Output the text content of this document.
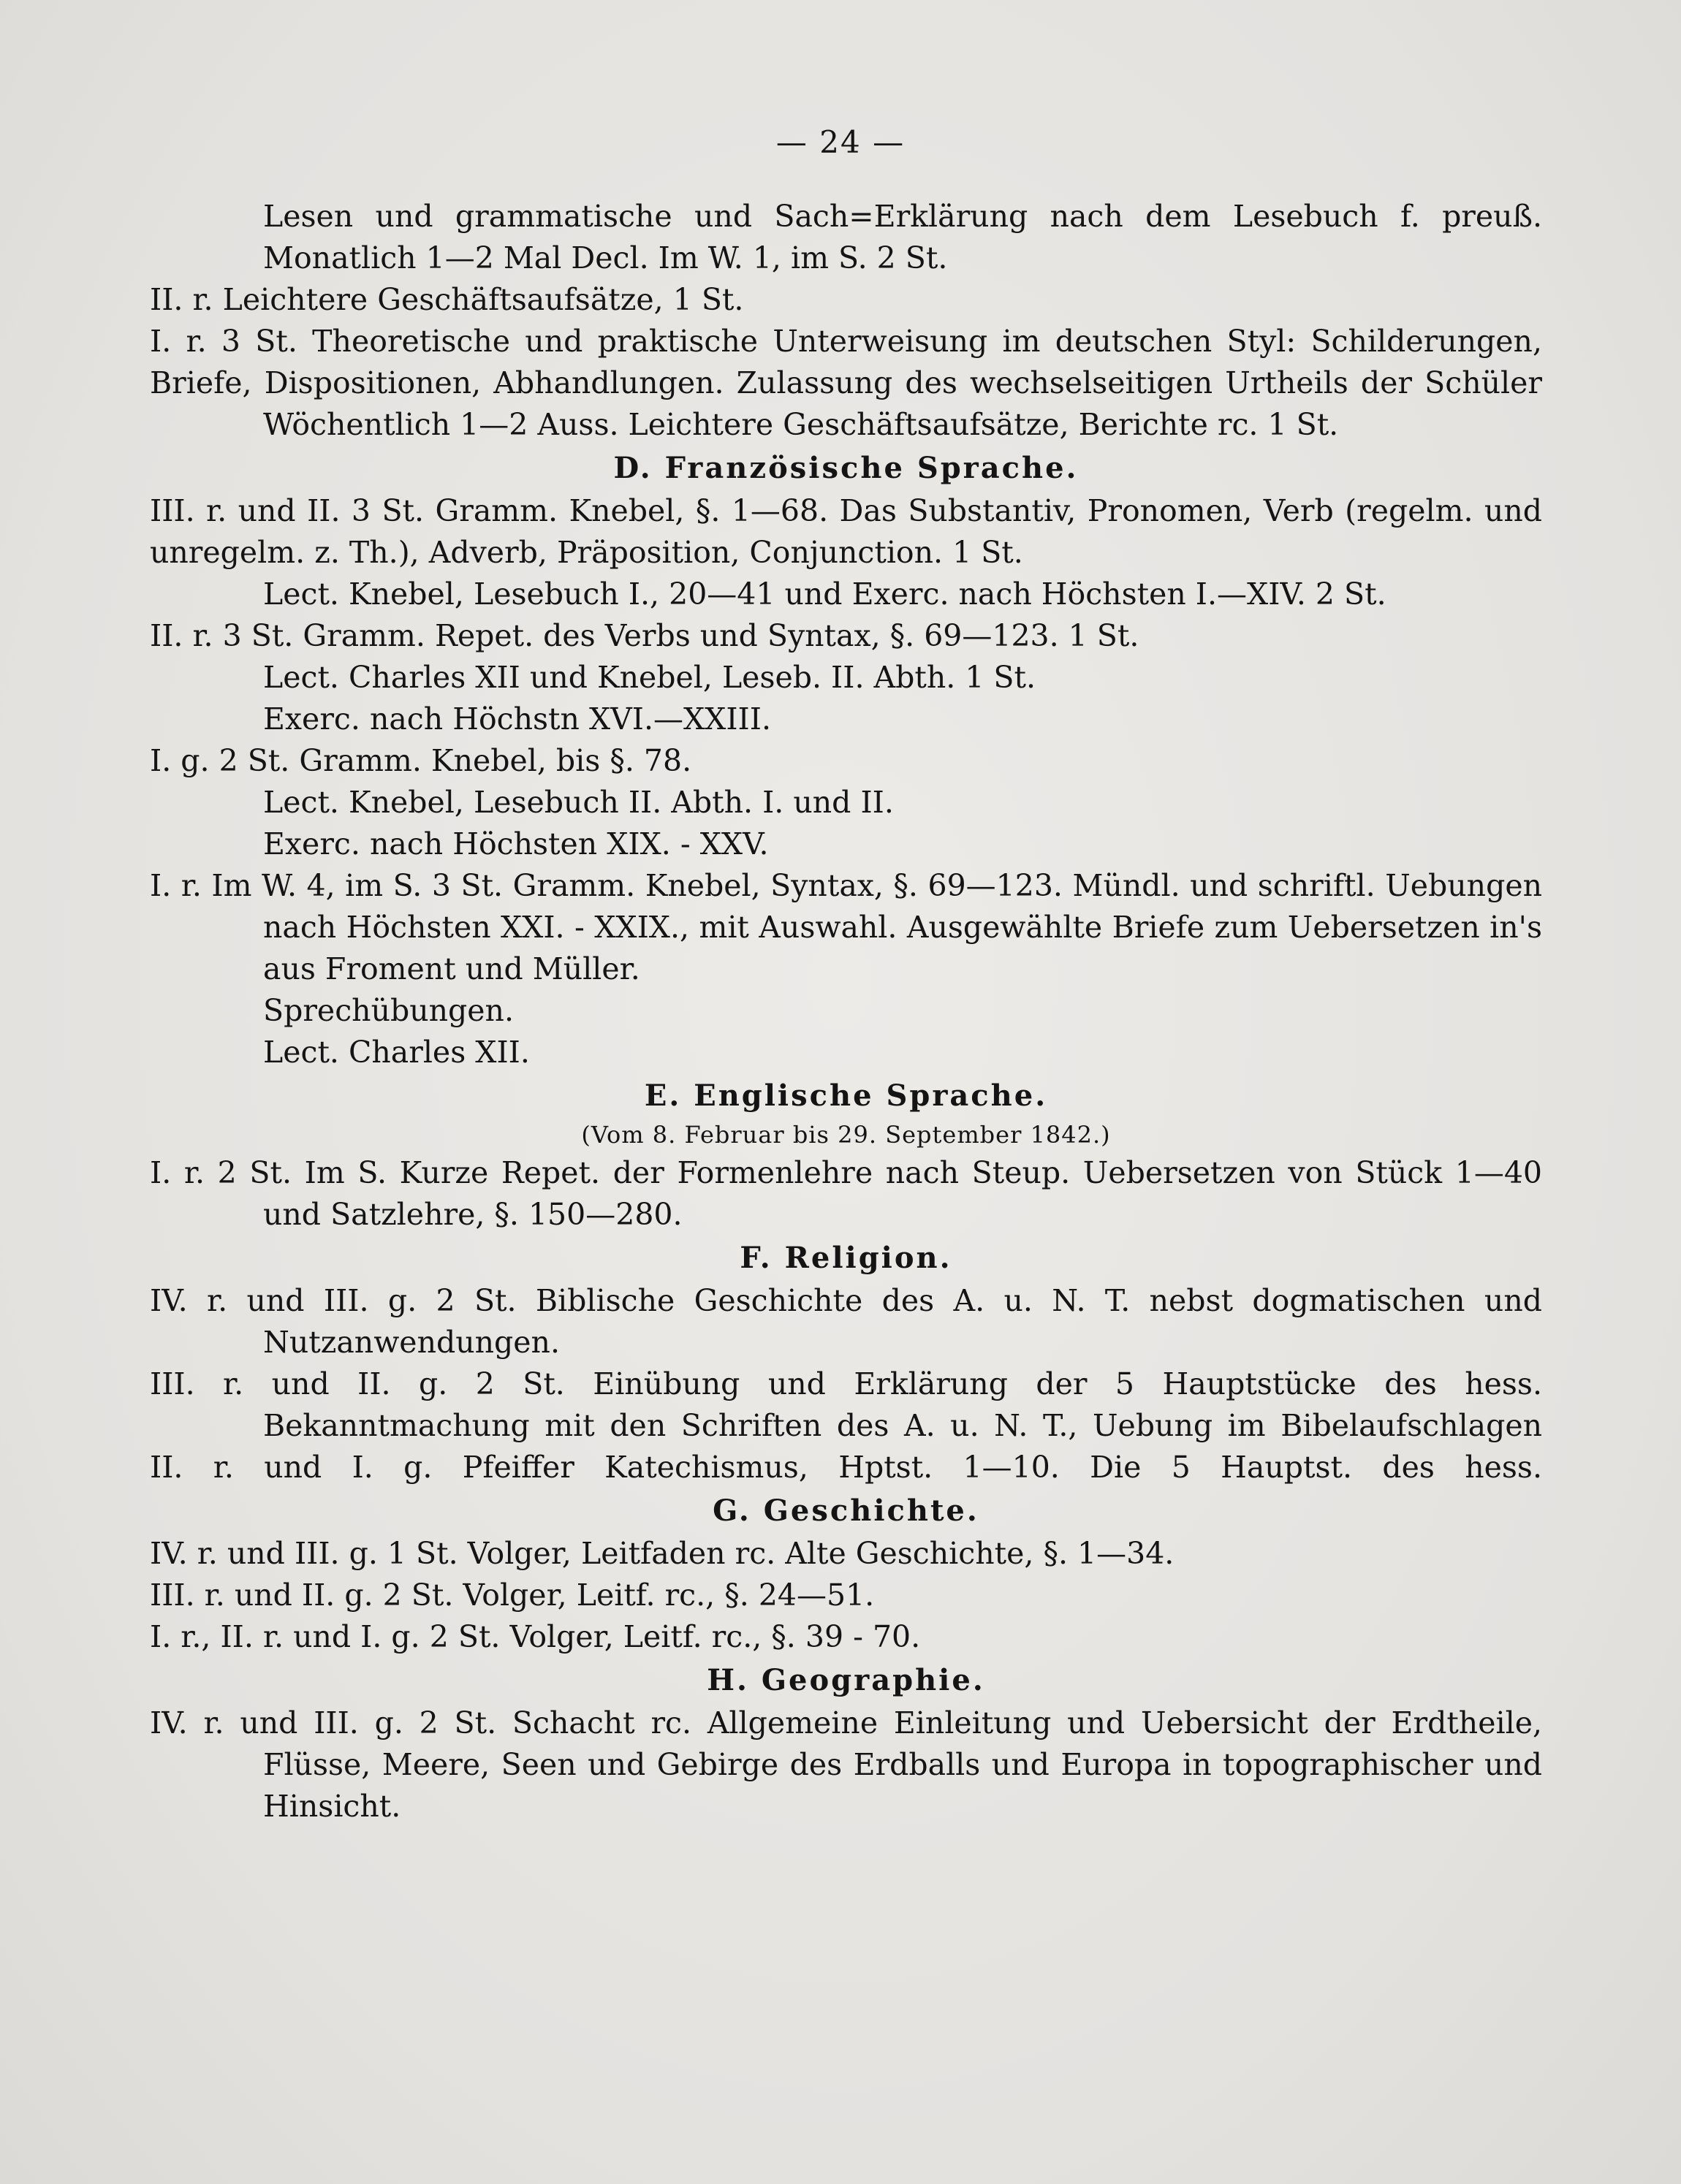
— 24 —
Lesen und grammatische und Sach=Erklärung nach dem Lesebuch f. preuß.
Monatlich 1—2 Mal Decl. Im W. 1, im S. 2 St.
II. r. Leichtere Geschäftsaufsätze, 1 St.
I. r. 3 St. Theoretische und praktische Unterweisung im deutschen Styl: Schilderungen, Briefe, Dispositionen, Abhandlungen. Zulassung des wechselseitigen Urtheils der Schüler
Wöchentlich 1—2 Auss. Leichtere Geschäftsaufsätze, Berichte rc. 1 St.
D. Französische Sprache.
III. r. und II. 3 St. Gramm. Knebel, §. 1—68. Das Substantiv, Pronomen, Verb (regelm. und
unregelm. z. Th.), Adverb, Präposition, Conjunction. 1 St.
Lect. Knebel, Lesebuch I., 20—41 und Exerc. nach Höchsten I.—XIV. 2 St.
II. r. 3 St. Gramm. Repet. des Verbs und Syntax, §. 69—123. 1 St.
Lect. Charles XII und Knebel, Leseb. II. Abth. 1 St.
Exerc. nach Höchstn XVI.—XXIII.
I. g. 2 St. Gramm. Knebel, bis §. 78.
Lect. Knebel, Lesebuch II. Abth. I. und II.
Exerc. nach Höchsten XIX. - XXV.
I. r. Im W. 4, im S. 3 St. Gramm. Knebel, Syntax, §. 69—123. Mündl. und schriftl. Uebungen
nach Höchsten XXI. - XXIX., mit Auswahl. Ausgewählte Briefe zum Uebersetzen in's
aus Froment und Müller.
Sprechübungen.
Lect. Charles XII.
E. Englische Sprache.
(Vom 8. Februar bis 29. September 1842.)
I. r. 2 St. Im S. Kurze Repet. der Formenlehre nach Steup. Uebersetzen von Stück 1—40
und Satzlehre, §. 150—280.
F. Religion.
IV. r. und III. g. 2 St. Biblische Geschichte des A. u. N. T. nebst dogmatischen und
Nutzanwendungen.
III. r. und II. g. 2 St. Einübung und Erklärung der 5 Hauptstücke des hess.
Bekanntmachung mit den Schriften des A. u. N. T., Uebung im Bibelaufschlagen
II. r. und I. g. Pfeiffer Katechismus, Hptst. 1—10. Die 5 Hauptst. des hess.
G. Geschichte.
IV. r. und III. g. 1 St. Volger, Leitfaden rc. Alte Geschichte, §. 1—34.
III. r. und II. g. 2 St. Volger, Leitf. rc., §. 24—51.
I. r., II. r. und I. g. 2 St. Volger, Leitf. rc., §. 39 - 70.
H. Geographie.
IV. r. und III. g. 2 St. Schacht rc. Allgemeine Einleitung und Uebersicht der Erdtheile,
Flüsse, Meere, Seen und Gebirge des Erdballs und Europa in topographischer und
Hinsicht.
